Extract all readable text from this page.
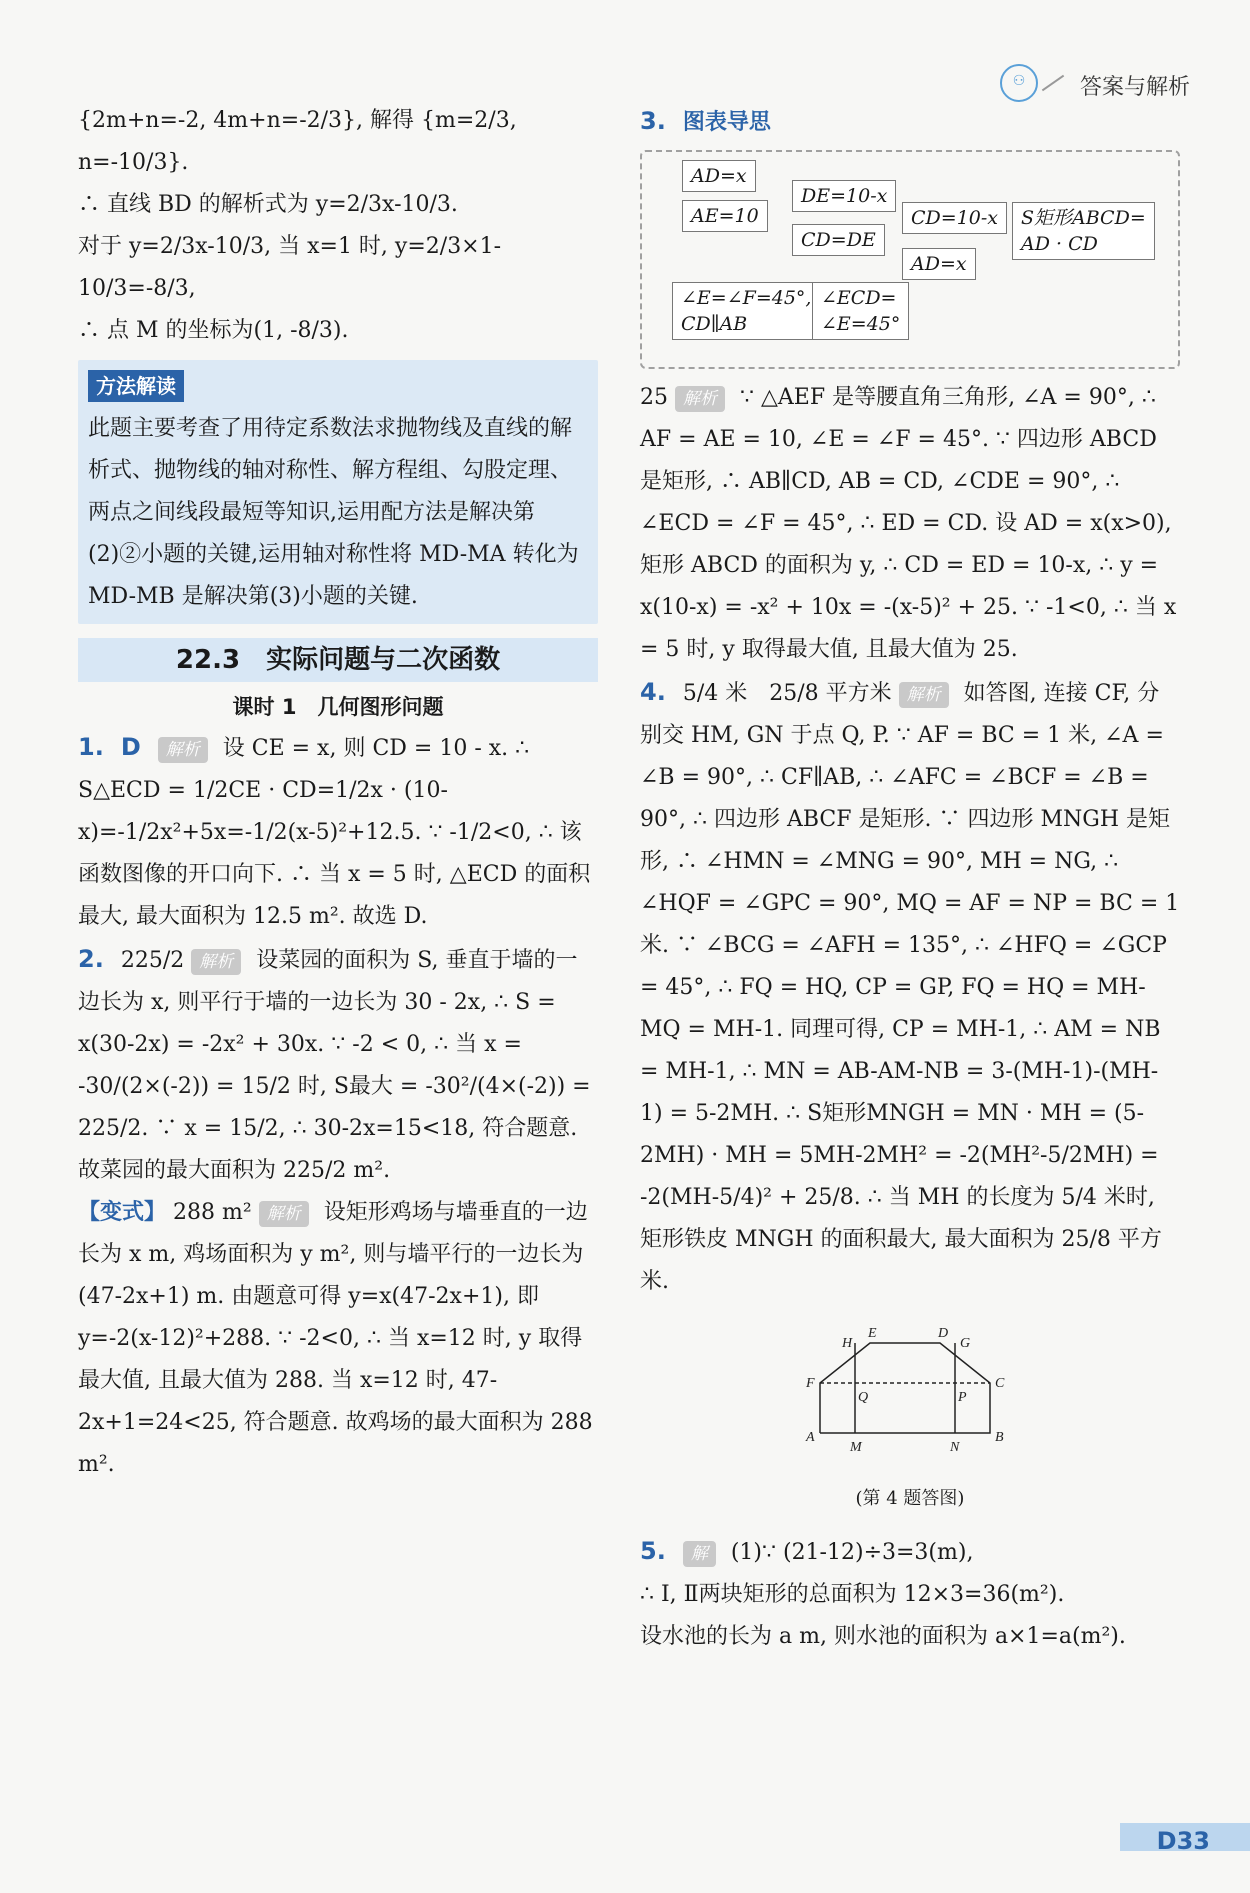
⚇	答案与解析

{2m+n=-2, 4m+n=-2/3}, 解得 {m=2/3, n=-10/3}.

∴ 直线 BD 的解析式为 y=2/3x-10/3.

对于 y=2/3x-10/3, 当 x=1 时, y=2/3×1-10/3=-8/3,

∴ 点 M 的坐标为(1, -8/3).

方法解读

此题主要考查了用待定系数法求抛物线及直线的解析式、抛物线的轴对称性、解方程组、勾股定理、两点之间线段最短等知识,运用配方法是解决第(2)②小题的关键,运用轴对称性将 MD-MA 转化为 MD-MB 是解决第(3)小题的关键.

22.3　实际问题与二次函数
课时 1　几何图形问题

1. D 解析 设 CE = x, 则 CD = 10 - x. ∴ S△ECD = 1/2CE · CD=1/2x · (10-x)=-1/2x²+5x=-1/2(x-5)²+12.5. ∵ -1/2<0, ∴ 该函数图像的开口向下. ∴ 当 x = 5 时, △ECD 的面积最大, 最大面积为 12.5 m². 故选 D.

2. 225/2 解析 设菜园的面积为 S, 垂直于墙的一边长为 x, 则平行于墙的一边长为 30 - 2x, ∴ S = x(30-2x) = -2x² + 30x. ∵ -2 < 0, ∴ 当 x = -30/(2×(-2)) = 15/2 时, S最大 = -30²/(4×(-2)) = 225/2. ∵ x = 15/2, ∴ 30-2x=15<18, 符合题意. 故菜园的最大面积为 225/2 m².

【变式】 288 m² 解析 设矩形鸡场与墙垂直的一边长为 x m, 鸡场面积为 y m², 则与墙平行的一边长为(47-2x+1) m. 由题意可得 y=x(47-2x+1), 即 y=-2(x-12)²+288. ∵ -2<0, ∴ 当 x=12 时, y 取得最大值, 且最大值为 288. 当 x=12 时, 47-2x+1=24<25, 符合题意. 故鸡场的最大面积为 288 m².

3. 图表导思

AD=x
AE=10
DE=10-x
CD=DE
CD=10-x
AD=x
S矩形ABCD=
AD · CD
∠E=∠F=45°,
CD∥AB
∠ECD=
∠E=45°

25 解析 ∵ △AEF 是等腰直角三角形, ∠A = 90°, ∴ AF = AE = 10, ∠E = ∠F = 45°. ∵ 四边形 ABCD 是矩形, ∴ AB∥CD, AB = CD, ∠CDE = 90°, ∴ ∠ECD = ∠F = 45°, ∴ ED = CD. 设 AD = x(x>0), 矩形 ABCD 的面积为 y, ∴ CD = ED = 10-x, ∴ y = x(10-x) = -x² + 10x = -(x-5)² + 25. ∵ -1<0, ∴ 当 x = 5 时, y 取得最大值, 且最大值为 25.

4. 5/4 米　25/8 平方米 解析 如答图, 连接 CF, 分别交 HM, GN 于点 Q, P. ∵ AF = BC = 1 米, ∠A = ∠B = 90°, ∴ CF∥AB, ∴ ∠AFC = ∠BCF = ∠B = 90°, ∴ 四边形 ABCF 是矩形. ∵ 四边形 MNGH 是矩形, ∴ ∠HMN = ∠MNG = 90°, MH = NG, ∴ ∠HQF = ∠GPC = 90°, MQ = AF = NP = BC = 1 米. ∵ ∠BCG = ∠AFH = 135°, ∴ ∠HFQ = ∠GCP = 45°, ∴ FQ = HQ, CP = GP, FQ = HQ = MH-MQ = MH-1. 同理可得, CP = MH-1, ∴ AM = NB = MH-1, ∴ MN = AB-AM-NB = 3-(MH-1)-(MH-1) = 5-2MH. ∴ S矩形MNGH = MN · MH = (5-2MH) · MH = 5MH-2MH² = -2(MH²-5/2MH) = -2(MH-5/4)² + 25/8. ∴ 当 MH 的长度为 5/4 米时, 矩形铁皮 MNGH 的面积最大, 最大面积为 25/8 平方米.

E	D
H	G
F	C
Q	P
A
M	N
B
(第 4 题答图)

5. 解 (1)∵ (21-12)÷3=3(m),

∴ Ⅰ, Ⅱ两块矩形的总面积为 12×3=36(m²).

设水池的长为 a m, 则水池的面积为 a×1=a(m²).

D33
